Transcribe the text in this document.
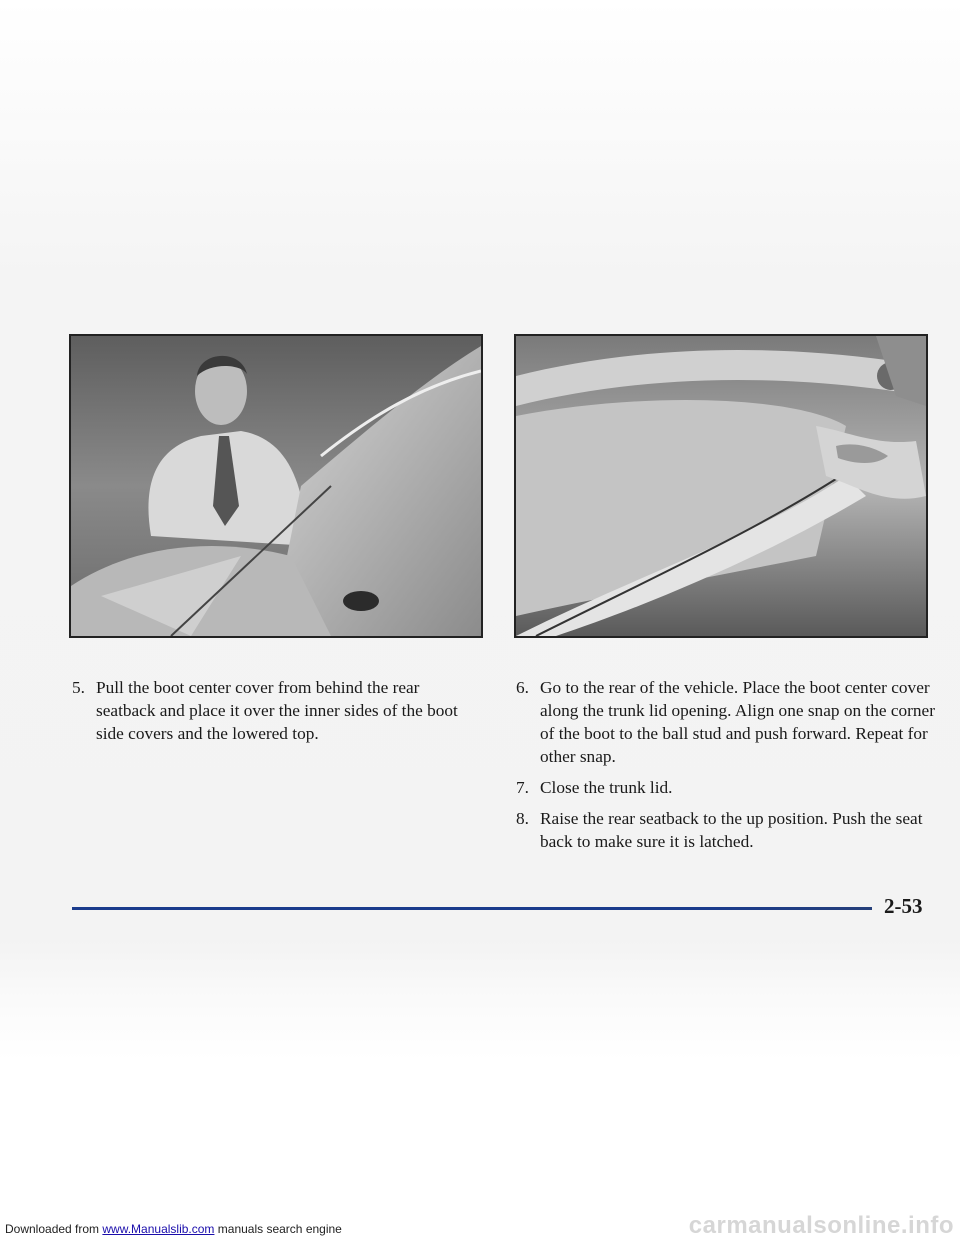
5. Pull the boot center cover from behind the rear seatback and place it over the inner sides of the boot side covers and the lowered top.
6. Go to the rear of the vehicle. Place the boot center cover along the trunk lid opening. Align one snap on the corner of the boot to the ball stud and push forward. Repeat for other snap.
7. Close the trunk lid.
8. Raise the rear seatback to the up position. Push the seat back to make sure it is latched.
2-53
Downloaded from www.Manualslib.com manuals search engine	carmanualsonline.info
